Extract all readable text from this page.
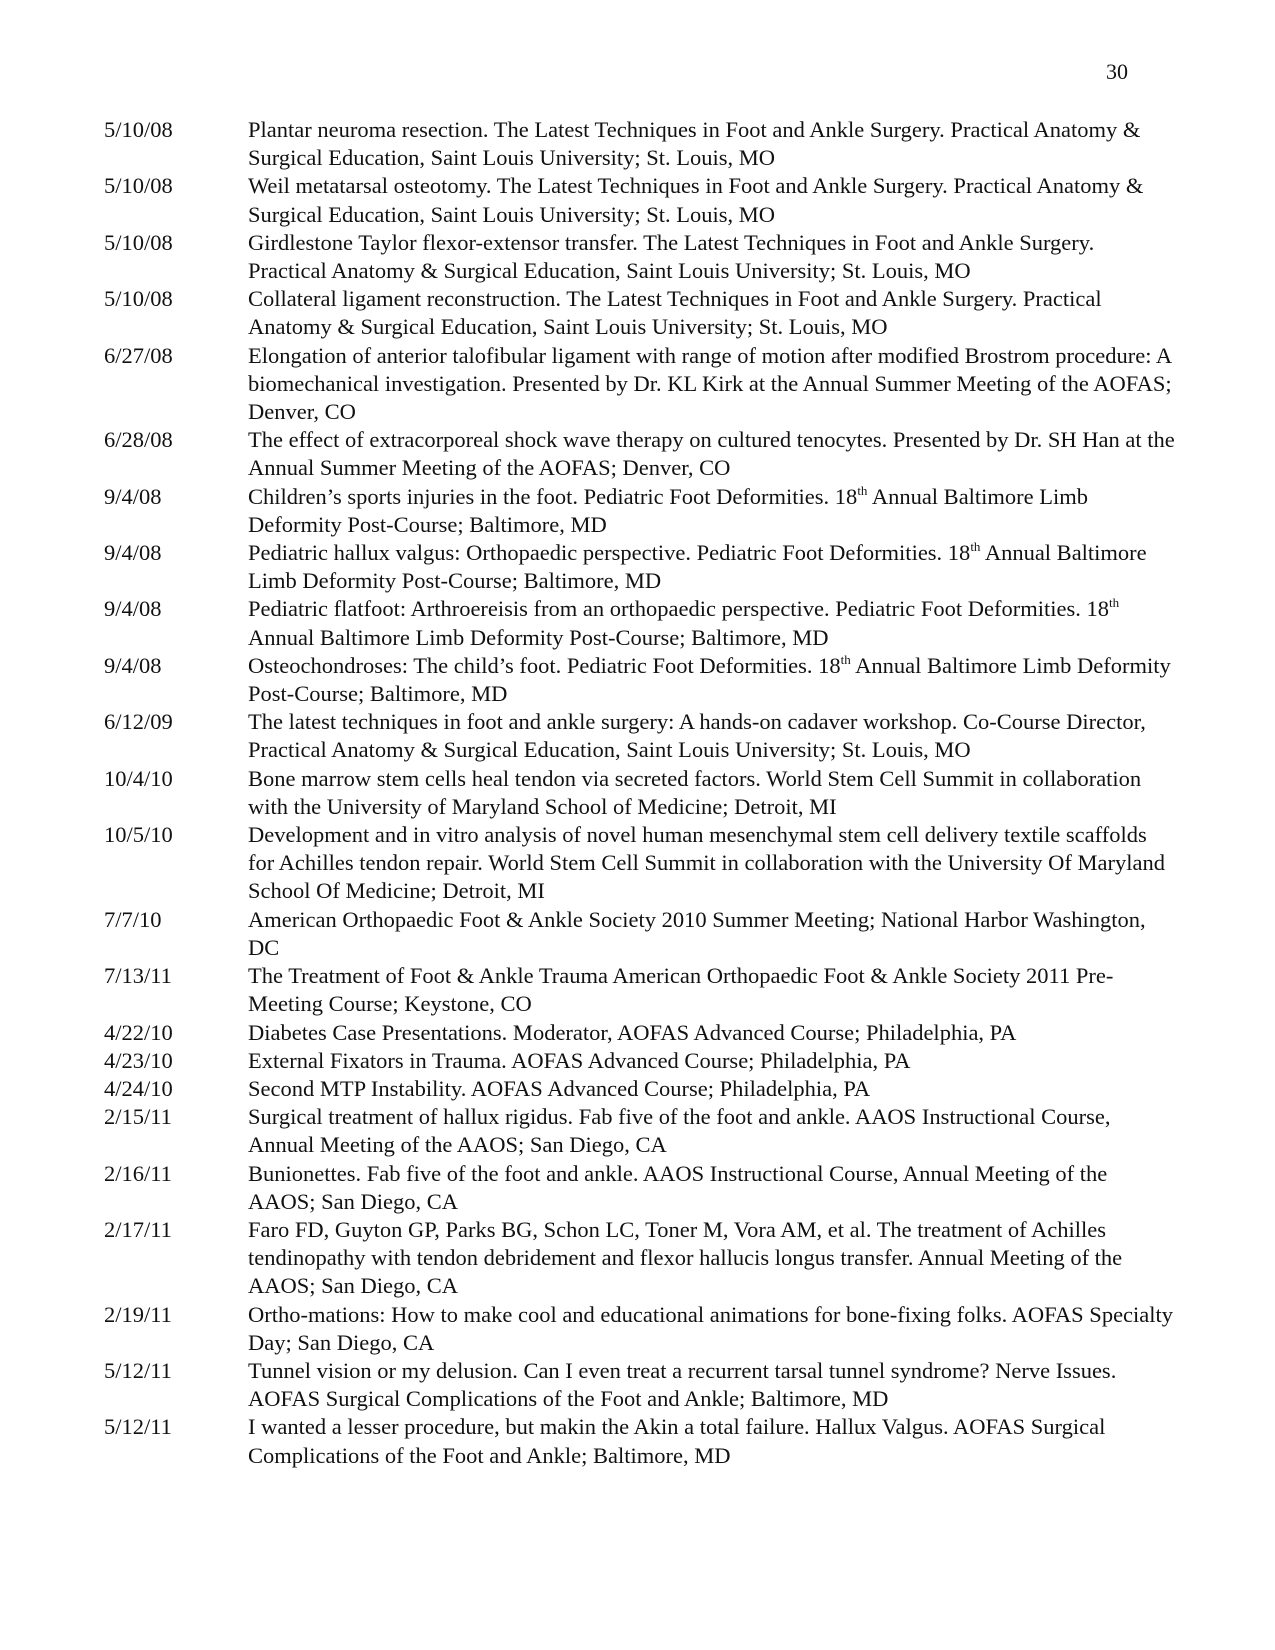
30
5/10/08	Plantar neuroma resection. The Latest Techniques in Foot and Ankle Surgery. Practical Anatomy & Surgical Education, Saint Louis University; St. Louis, MO
5/10/08	Weil metatarsal osteotomy. The Latest Techniques in Foot and Ankle Surgery. Practical Anatomy & Surgical Education, Saint Louis University; St. Louis, MO
5/10/08	Girdlestone Taylor flexor-extensor transfer. The Latest Techniques in Foot and Ankle Surgery. Practical Anatomy & Surgical Education, Saint Louis University; St. Louis, MO
5/10/08	Collateral ligament reconstruction. The Latest Techniques in Foot and Ankle Surgery. Practical Anatomy & Surgical Education, Saint Louis University; St. Louis, MO
6/27/08	Elongation of anterior talofibular ligament with range of motion after modified Brostrom procedure: A biomechanical investigation. Presented by Dr. KL Kirk at the Annual Summer Meeting of the AOFAS; Denver, CO
6/28/08	The effect of extracorporeal shock wave therapy on cultured tenocytes. Presented by Dr. SH Han at the Annual Summer Meeting of the AOFAS; Denver, CO
9/4/08	Children’s sports injuries in the foot. Pediatric Foot Deformities. 18th Annual Baltimore Limb Deformity Post-Course; Baltimore, MD
9/4/08	Pediatric hallux valgus: Orthopaedic perspective. Pediatric Foot Deformities. 18th Annual Baltimore Limb Deformity Post-Course; Baltimore, MD
9/4/08	Pediatric flatfoot: Arthroereisis from an orthopaedic perspective. Pediatric Foot Deformities. 18th Annual Baltimore Limb Deformity Post-Course; Baltimore, MD
9/4/08	Osteochondroses: The child’s foot. Pediatric Foot Deformities. 18th Annual Baltimore Limb Deformity Post-Course; Baltimore, MD
6/12/09	The latest techniques in foot and ankle surgery: A hands-on cadaver workshop. Co-Course Director, Practical Anatomy & Surgical Education, Saint Louis University; St. Louis, MO
10/4/10	Bone marrow stem cells heal tendon via secreted factors. World Stem Cell Summit in collaboration with the University of Maryland School of Medicine; Detroit, MI
10/5/10	Development and in vitro analysis of novel human mesenchymal stem cell delivery textile scaffolds for Achilles tendon repair. World Stem Cell Summit in collaboration with the University Of Maryland School Of Medicine; Detroit, MI
7/7/10	American Orthopaedic Foot & Ankle Society 2010 Summer Meeting; National Harbor Washington, DC
7/13/11	The Treatment of Foot & Ankle Trauma American Orthopaedic Foot & Ankle Society 2011 Pre-Meeting Course; Keystone, CO
4/22/10	Diabetes Case Presentations. Moderator, AOFAS Advanced Course; Philadelphia, PA
4/23/10	External Fixators in Trauma. AOFAS Advanced Course; Philadelphia, PA
4/24/10	Second MTP Instability. AOFAS Advanced Course; Philadelphia, PA
2/15/11	Surgical treatment of hallux rigidus. Fab five of the foot and ankle. AAOS Instructional Course, Annual Meeting of the AAOS; San Diego, CA
2/16/11	Bunionettes. Fab five of the foot and ankle. AAOS Instructional Course, Annual Meeting of the AAOS; San Diego, CA
2/17/11	Faro FD, Guyton GP, Parks BG, Schon LC, Toner M, Vora AM, et al. The treatment of Achilles tendinopathy with tendon debridement and flexor hallucis longus transfer. Annual Meeting of the AAOS; San Diego, CA
2/19/11	Ortho-mations: How to make cool and educational animations for bone-fixing folks. AOFAS Specialty Day; San Diego, CA
5/12/11	Tunnel vision or my delusion. Can I even treat a recurrent tarsal tunnel syndrome? Nerve Issues. AOFAS Surgical Complications of the Foot and Ankle; Baltimore, MD
5/12/11	I wanted a lesser procedure, but makin the Akin a total failure. Hallux Valgus. AOFAS Surgical Complications of the Foot and Ankle; Baltimore, MD
